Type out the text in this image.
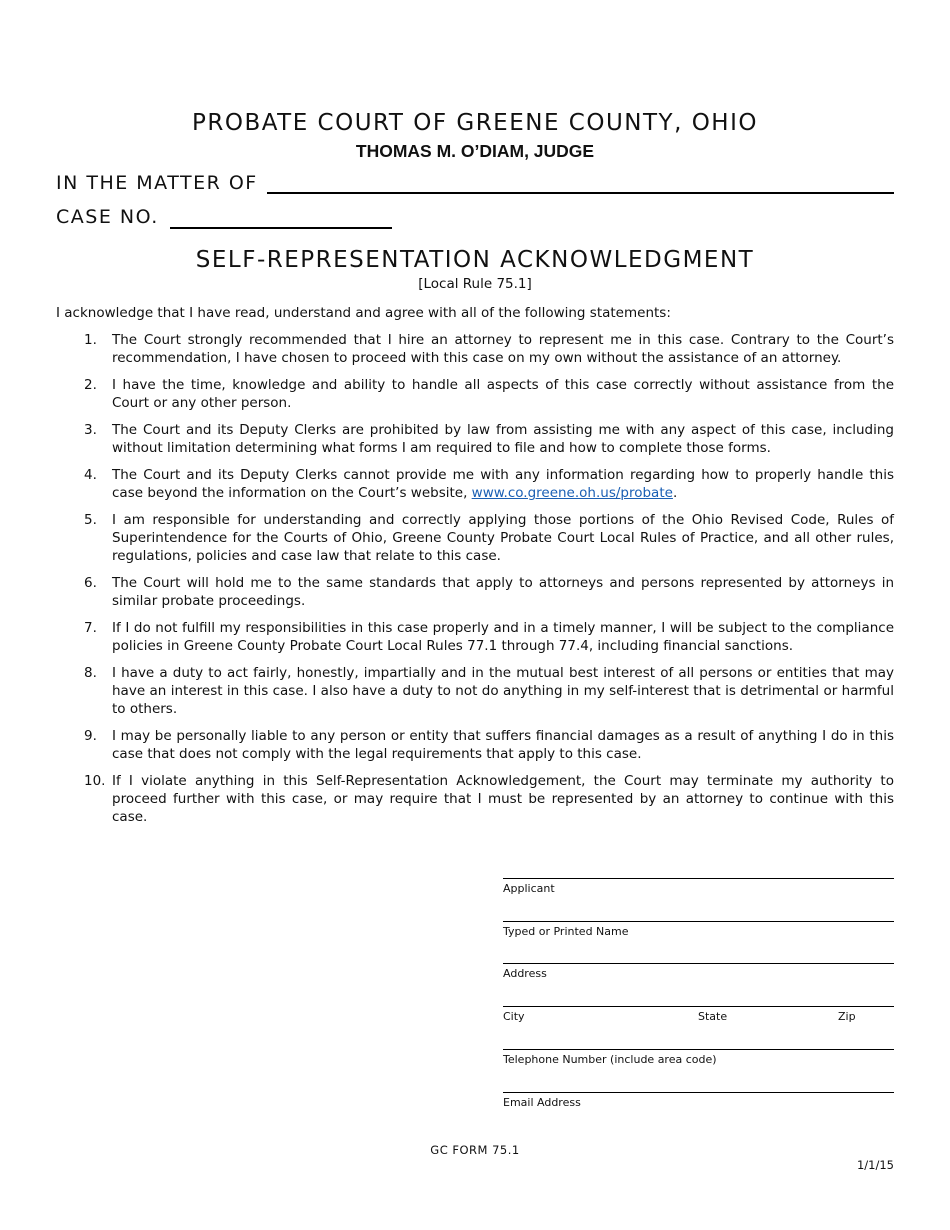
PROBATE COURT OF GREENE COUNTY, OHIO
THOMAS M. O’DIAM, JUDGE
IN THE MATTER OF
CASE NO.
SELF-REPRESENTATION ACKNOWLEDGMENT
[Local Rule 75.1]
I acknowledge that I have read, understand and agree with all of the following statements:
1. The Court strongly recommended that I hire an attorney to represent me in this case. Contrary to the Court’s recommendation, I have chosen to proceed with this case on my own without the assistance of an attorney.
2. I have the time, knowledge and ability to handle all aspects of this case correctly without assistance from the Court or any other person.
3. The Court and its Deputy Clerks are prohibited by law from assisting me with any aspect of this case, including without limitation determining what forms I am required to file and how to complete those forms.
4. The Court and its Deputy Clerks cannot provide me with any information regarding how to properly handle this case beyond the information on the Court’s website, www.co.greene.oh.us/probate.
5. I am responsible for understanding and correctly applying those portions of the Ohio Revised Code, Rules of Superintendence for the Courts of Ohio, Greene County Probate Court Local Rules of Practice, and all other rules, regulations, policies and case law that relate to this case.
6. The Court will hold me to the same standards that apply to attorneys and persons represented by attorneys in similar probate proceedings.
7. If I do not fulfill my responsibilities in this case properly and in a timely manner, I will be subject to the compliance policies in Greene County Probate Court Local Rules 77.1 through 77.4, including financial sanctions.
8. I have a duty to act fairly, honestly, impartially and in the mutual best interest of all persons or entities that may have an interest in this case. I also have a duty to not do anything in my self-interest that is detrimental or harmful to others.
9. I may be personally liable to any person or entity that suffers financial damages as a result of anything I do in this case that does not comply with the legal requirements that apply to this case.
10. If I violate anything in this Self-Representation Acknowledgement, the Court may terminate my authority to proceed further with this case, or may require that I must be represented by an attorney to continue with this case.
Applicant
Typed or Printed Name
Address
City	State	Zip
Telephone Number (include area code)
Email Address
GC FORM 75.1
1/1/15
